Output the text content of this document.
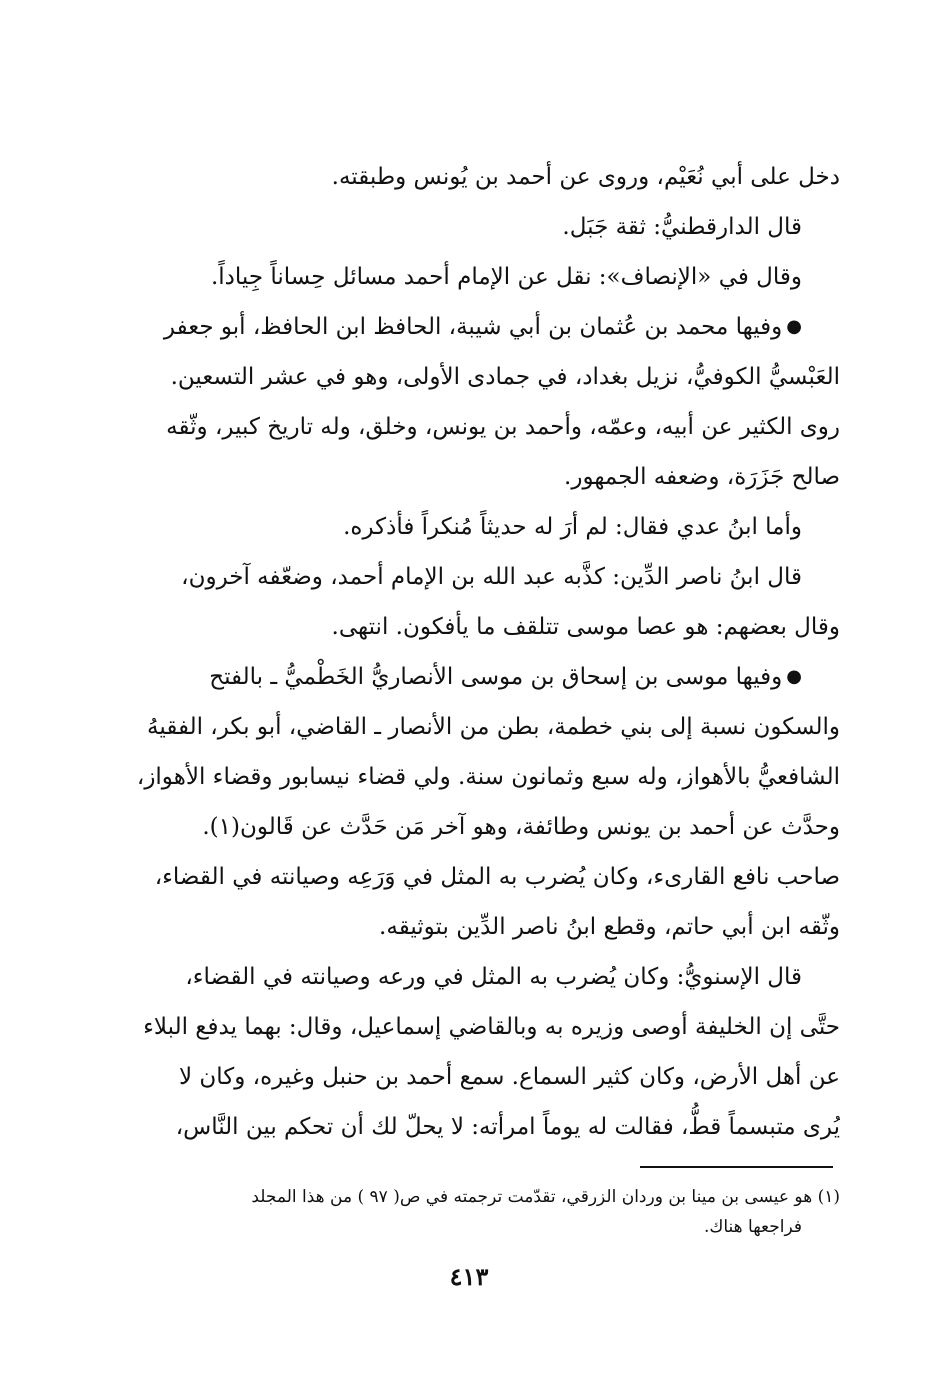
دخل على أبي نُعَيْم، وروى عن أحمد بن يُونس وطبقته.
قال الدارقطنيُّ: ثقة جَبَل.
وقال في «الإنصاف»: نقل عن الإمام أحمد مسائل حِساناً جِياداً.
●وفيها محمد بن عُثمان بن أبي شيبة، الحافظ ابن الحافظ، أبو جعفر
العَبْسيُّ الكوفيُّ، نزيل بغداد، في جمادى الأولى، وهو في عشر التسعين.
روى الكثير عن أبيه، وعمّه، وأحمد بن يونس، وخلق، وله تاريخ كبير، وثّقه
صالح جَزَرَة، وضعفه الجمهور.
وأما ابنُ عدي فقال: لم أرَ له حديثاً مُنكراً فأذكره.
قال ابنُ ناصر الدِّين: كذَّبه عبد الله بن الإمام أحمد، وضعّفه آخرون،
وقال بعضهم: هو عصا موسى تتلقف ما يأفكون. انتهى.
●وفيها موسى بن إسحاق بن موسى الأنصاريُّ الخَطْميُّ ـ بالفتح
والسكون نسبة إلى بني خطمة، بطن من الأنصار ـ القاضي، أبو بكر، الفقيهُ
الشافعيُّ بالأهواز، وله سبع وثمانون سنة. ولي قضاء نيسابور وقضاء الأهواز،
وحدَّث عن أحمد بن يونس وطائفة، وهو آخر مَن حَدَّث عن قَالون(١).
صاحب نافع القارىء، وكان يُضرب به المثل في وَرَعِه وصيانته في القضاء،
وثّقه ابن أبي حاتم، وقطع ابنُ ناصر الدِّين بتوثيقه.
قال الإسنويُّ: وكان يُضرب به المثل في ورعه وصيانته في القضاء،
حتَّى إن الخليفة أوصى وزيره به وبالقاضي إسماعيل، وقال: بهما يدفع البلاء
عن أهل الأرض، وكان كثير السماع. سمع أحمد بن حنبل وغيره، وكان لا
يُرى متبسماً قطُّ، فقالت له يوماً امرأته: لا يحلّ لك أن تحكم بين النَّاس،
(١) هو عيسى بن مينا بن وردان الزرقي، تقدّمت ترجمته في ص( ٩٧ ) من هذا المجلد
فراجعها هناك.
٤١٣
